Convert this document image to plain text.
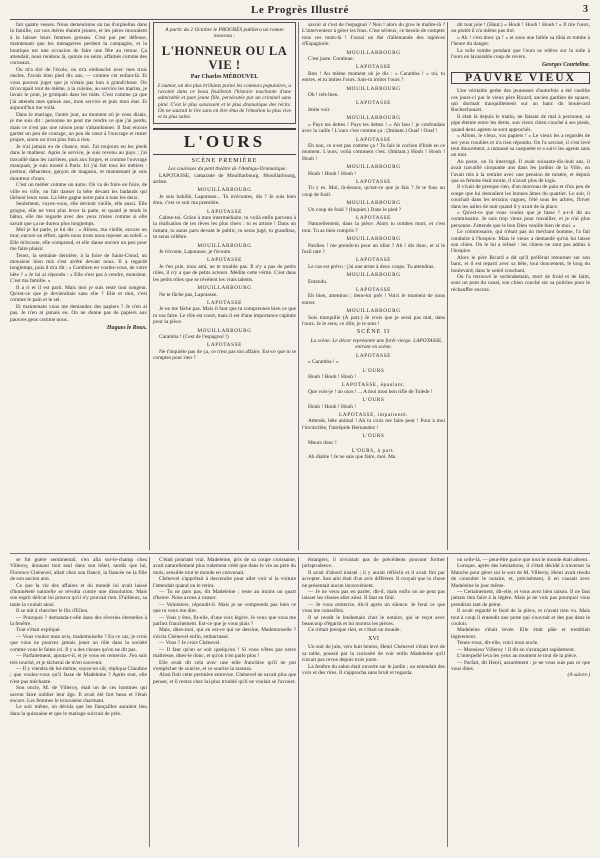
Le Progrès Illustré	3

fait quatre vesses. Nous demeurions un tas d'orphelins dans la famille, car nos mères étaient jeunes, et les pères mouraient à la laisser leurs femmes grosses. C'est par per défense, maintenant que les ménageries perdent la campagne, et la boutique est une occasion de faire une fête au retour. Ça attendait, nous rendons là, quinze ou seize, affamés comme des corneaux.

Ou m'a tiré de l'école, on m'a embauché avec mes trois oncles. J'avais bien pied dix ans, — comme cet enfant-là. Et vous pouvez juger que je n'étais pas bon à grand'chose. On m'occupait tout de même, à la cuisine, au service les marins, je lavais le pont, je grimpais dans les mâts. C'est comme ça que j'ai attendu mes quinze ans, mon service et puis mon état. Et aujourd'hui me voilà.

Dans le mariage, l'autre jour, au moment où je vous disais, je me suis dit : personne ne peut me rendre ce que j'ai perdu, mais ce n'est pas une raison pour s'abandonner. Il faut encore garder un peu de courage, un peu de cœur à l'ouvrage et rester propre, sinon on n'est plus bon à rien.

Je n'ai jamais eu de chance, moi. J'ai toujours eu les pieds dans le malheur. Après le service, je suis revenu au pays ; j'ai travaillé dans les carrières, puis aux forges, et comme l'ouvrage manquait, je suis monté à Paris. Ici j'ai fait tous les métiers : porteur, débardeur, garçon de magasin, et maintenant je suis montreur d'ours.

C'est un métier comme un autre. On va de foire en foire, de ville en ville, on fait danser la bête devant les badauds qui lâchent leurs sous. La bête gagne notre pain à tous les deux.

Seulement, voyez-vous, elle devient vieille, elle aussi. Elle grogne, elle ne veut plus lever la patte, et quand je tends le bâton, elle me regarde avec des yeux tristes comme si elle savait que ça ne durera plus longtemps.

Moi je lui parle, je lui dis : « Allons, ma vieille, encore un tour, encore un effort, après nous irons nous reposer au soleil. » Elle m'écoute, elle comprend, et elle danse encore un peu pour me faire plaisir.

Tenez, la semaine dernière, à la foire de Saint-Cloud, un monsieur bien mis s'est arrêté devant nous. Il a regardé longtemps, puis il m'a dit : « Combien en voulez-vous, de votre bête ? » Je lui ai répondu : « Elle n'est pas à vendre, monsieur. C'est ma famille. »

Il a ri et il est parti. Mais moi je suis resté tout songeur. Qu'est-ce que je deviendrais sans elle ? Elle et moi, c'est comme le pain et le sel.

Et maintenant vous me demandez des papiers ? Je n'en ai pas. Je n'en ai jamais eu. On ne donne pas de papiers aux pauvres gens comme nous.

Hugues le Roux.
A partir du 2 Octobre le PROGRÈS publiera un roman nouveau :
L'HONNEUR OU LA VIE !
Par Charles MÉROUVEL
L'auteur, un des plus brillants parmi les conteurs populaires, a raconté dans ce beau feuilleton l'histoire touchante d'une admirable et pure jeune fille, persécutée par un criminel sans pitié. C'est le plus saisissant et le plus dramatique des récits. On ne saurait le lire sans en être ému de l'émotion la plus vive et la plus saine.
L'OURS
SCÈNE PREMIÈRE

Les coulisses du petit théâtre de l'Ambigu-Dramatique.

LAPOTASSE, camarade de Mouillarbourg. Mouillarbourg, artiste.

MOUILLARBOURG

Je suis habillé, Lapotasse... Tu m'écoutes, dis ? Je suis bien ému, c'est ce soir ma première.

LAPOTASSE

Calme-toi. Grâce à mon intermédiaire, tu voilà enfin parvenu à la réalisation de tes rêves les plus chers : tu es artiste ! Dans un instant, tu auras paru devant le public, tu seras jugé, tu grandiras, tu seras célèbre.

MOUILLARBOURG

Je t'écoute, Lapotasse, je t'écoute.

LAPOTASSE

Je t'en prie, mon ami, ne te trouble pas. Il n'y a pas de petits rôles, il n'y a que de petits acteurs. Médite cette vérité. C'est dans les petits rôles que se révèlent les vrais talents.

MOUILLARBOURG

Ne te fâche pas, Lapotasse.

LAPOTASSE

Je ne me fâche pas. Mais il faut que tu comprennes bien ce que tu vas faire. Le rôle est court, mais il est d'une importance capitale pour la pièce.

MOUILLARBOURG

Caramba ! (Cest de l'espagnol !)

LAPOTASSE

Ne t'inquiète pas de ça, ce n'est pas ton affaire. Est-ce que tu te comptes pour rien ?

savoir si c'est de l'espagnol ? Non ! alors du gros le maître-là ? L'interventeur à gérer les fous. C'est sérieux, ce besoin de compter tous ces mots-là ! J'aurai un thé d'allemande des rapiéces d'Espagnole.

MOUILLARBOURG

C'est juste. Continue.

LAPOTASSE

Bon ! Au même moment où je dis : « Caramba ! » toi, tu entres, et tu imites l'ours. Sais-tu imiter l'ours ?

MOUILLARBOURG

Oh ! très bien.

LAPOTASSE

Imite voir.

MOUILLARBOURG

« Pays tes dettes ! Pays tes dettes ! » Ah bon ! je confondais avec la caille ! L'ours c'est comme ça : (Imitant.) Ouaf ! Ouaf !

LAPOTASSE

Eh non, ce n'est pas comme ça ! Tu fais le cochon d'Inde en ce moment. L'ours, voilà comment c'est. (Imitant.) Houh ! Houh ! Houh !

MOUILLARBOURG

Houh ! Houh ! Houh !

LAPOTASSE

Tu y es. Moi, là-dessus, qu'est-ce que je fais ? Je te fous un coup de fusil.

MOUILLARBOURG

Un coup de fusil ? (Inquiet.) Dans le pied ?

LAPOTASSE

Naturellement, dans la pièce. Alors tu tombes mort, et c'est tout. Tu as bien compris ?

MOUILLARBOURG

Pardieu ! me prends-tu pour un idiot ? Ah ! dis donc, et si le fusil rate ?

LAPOTASSE

Le cas est prévu : j'ai une arme à deux coups. Tu attendras.

MOUILLARBOURG

Entendu.

LAPOTASSE

Eh bien, attention ; tiens-toi prêt ! Voici le moment de nous entrer.

MOUILLARBOURG

Sois tranquille (À part.) Je crois que je serai pas mal, dans l'ours. Je le sens, ce rôle, je le sens !

SCÈNE II

La scène. Le décor représente une forêt vierge. LAPOTASSE, entrant en scène.

LAPOTASSE

« Caramba ! »

L'OURS

Houh ! Houh ! Houh !

LAPOTASSE, épaulant.

Que vois-je ! un ours ! ... A moi mon bon rifle de Tolède !

L'OURS

Houh ! Houh ! Houh !

LAPOTASSE, impatienté.

Attends, bête animal ! Ah tu crois me faire peur ! Pour à moi l'invincible, l'intrépide Hernandez !

L'OURS

Meurs donc !

L'OURS, à part.

Ah diable ! Je ne sais que faire, moi. Ma

dit tout joie ! (Haut.) « Houh ! Houh ! Houh ! » Il tire l'ours, ou plutôt il n'a même pas tiré.

« Ah ! c'est donc ça ! » et sous une faible sa tibia et tombe à l'heure du danger.

La toile tombe pendant que l'ours se relève sur la toile à l'ours en lavasiable coup de revers.

Georges Courteline.
PAUVRE VIEUX

Une véritable gerbe des jeunesses d'autrefois a été cueillie ces jours-ci par le vieux père Ricard, ancien gardien de square, qui dormait tranquillement sur un banc du boulevard Rochechouart.

Il était là depuis le matin, ne faisant de mal à personne, sa pipe éteinte entre les dents, son vieux chien couché à ses pieds, quand deux agents se sont approchés.

« Allons, le vieux, vos papiers ! » Le vieux les a regardés de ses yeux troubles et n'a rien répondu. On l'a secoué, il s'est levé tout doucement, a ramassé sa casquette et a suivi les agents sans un mot.

Au poste, on l'a interrogé. Il avait soixante-dix-huit ans, il avait travaillé cinquante ans dans les jardins de la Ville, on l'avait mis à la retraite avec une pension de misère, et depuis que sa femme était morte, il n'avait plus de logis.

Il vivait de presque rien, d'un morceau de pain et d'un peu de soupe que lui donnaient les bonnes âmes du quartier. Le soir, il couchait dans les terrains vagues, l'été sous les arbres, l'hiver dans les asiles de nuit quand il y avait de la place.

« Qu'est-ce que vous voulez que je fasse ? a-t-il dit au commissaire. Je suis trop vieux pour travailler, et je n'ai plus personne. J'attends que le bon Dieu veuille bien de moi. »

Le commissaire, qui n'était pas un méchant homme, l'a fait conduire à l'hospice. Mais le vieux a demandé qu'on lui laisse son chien. On le lui a refusé : les chiens ne sont pas admis à l'hospice.

Alors le père Ricard a dit qu'il préférait retourner sur son banc, et il est reparti avec sa bête, tout doucement, le long du boulevard, dans le soleil couchant.

On l'a retrouvé le surlendemain, mort de froid et de faim, sous un pont du canal, son chien couché sur sa poitrine pour le réchauffer encore.

se fut guère sentimental, s'en alla sur-le-champ chez Villeroy, donnant tout seul dans son hôtel, tandis que lui, Florence Chénevel, allait chez son fiancé, la fiancée ne la fille de son ancien ami.

Ce que la vie des affaires et du monde lui avait laissé d'honnêteté naturelle se révolta contre une dissolution. Mais son esprit délicat lui prouva qu'il n'y pouvait rien. D'ailleurs, sa tante la voulait ainsi.

Il se mit à chercher le fils d'Ellen.

— Pourquoi ? demanda-t-elle dans des rêveries éternelles à la fenêtre.

Tout s'était expliqué.

— Vous voulez mon avis, mademoiselle ? En ce cas, je crois que vous ne pourrez jamais jouer un rôle dans la société comme vous le faites ici. Il y a des choses qu'on ne dit pas.

— Parfaitement, ajouta-t-il, et je vous en remercie. J'en suis très touché, et je tâcherai de m'en souvenir.

— Il y viendra de lui-même, soyez-en sûr, répliqua Claudine ; que voulez-vous qu'il fasse de Madeleine ? Après tout, elle n'est pas méchante.

Son oncle, M. de Villeroy, était un de ces hommes qui savent faire oublier leur âge. Il avait été fort beau et l'était encore. Les femmes le trouvaient charmant.

Le soir même, on décida que les fiançailles auraient lieu dans la quinzaine et que le mariage suivrait de près.

C'était pourtant vrai. Madeleine, pris de sa coupe croissante, avait naturellement plus rudement cédé que dans le vin au père du mois, sensible tout le monde en convenait.

Chénevel s'apprêtait à descendre pour aller voir si la voiture l'attendait quand on le retint.

— Tu ne pars pas, dit Madeleine ; reste au moins un quart d'heure. Nous avons à causer.

— Volontiers, répondit-il. Mais je ne comprends pas bien ce que tu veux me dire.

— Vous y êtes, fit-elle, d'une voix légère. Je veux que vous me parliez franchement. Est-ce que je vous plais ?

Mais, dites-moi, qui en est-ce qui ne dessine, Mademoiselle ? s'écria Chénevel enfin, embarrassé.

— Vous ? Je crois Chénevel.

— Il faut qu'on se soit quelqu'un ! Si vous n'êtes pas notre maîtresse, dites-le donc, et qu'on n'en parle plus !

Elle avait dit cela avec une telle franchise qu'il ne put s'empêcher de sourire, et ce sourire la rassura.

Ainsi finit cette première entrevue. Chénevel ne savait plus que penser, et il rentra chez lui plus troublé qu'il ne voulait se l'avouer.

étrangers, il n'existait pas de précédents pouvant former jurisprudence.

Il avait d'abord insisté ; il y aurait réfléchi et il avait fini par accepter. Son ami était d'un avis différent. Il croyait que la chose ne présentait aucun inconvénient.

— Je ne veux pas en parler, dit-il, mais enfin on ne peut pas laisser les choses aller ainsi. Il faut en finir.

— Je vous remercie, dit-il après un silence. Je ferai ce que vous me conseillez.

Il se rendit le lendemain chez le notaire, qui le reçut avec beaucoup d'égards et lui montra les pièces.

Ce n'était presque rien, et c'était un monde.

XVI

Un soir de juin, vers huit heures, Henri Chénevel s'était levé de sa table, poussé par la curiosité de voir enfin Madeleine qu'il n'avait pas revue depuis trois jours.

La fenêtre du salon était ouverte sur le jardin ; on entendait des voix et des rires. Il s'approcha sans bruit et regarda.

ou celle-là, — peut-être parce que tout le monde était absent.

Lorsque, après des hésitations, il s'était décidé à traverser la Manche pour gérer sur le sort de M. Villeroy, Henri avait résolu de consulter le notaire, et, précisément, il en causait avec Madeleine le jour même.

— Certainement, dit-elle, et vous avez bien raison. Il ne faut jamais rien faire à la légère. Mais je ne vois pas pourquoi vous prendriez tant de peine.

Il avait regardé le fond de la pièce, et n'avait rien vu. Mais tout à coup il entendit une porte qui s'ouvrait et des pas dans le couloir.

Madeleine s'était levée. Elle était pâle et tremblait légèrement.

Tenez-vous, dit-elle, voici mon oncle.

— Monsieur Villeroy ! Il dit en s'avançant rapidement.

L'interpellé leva les yeux au moment le tout de la pièce.

— Parfait, dit Henri, assurément : je ne vous suis pas ce que vous dites.

(A suivre.)
